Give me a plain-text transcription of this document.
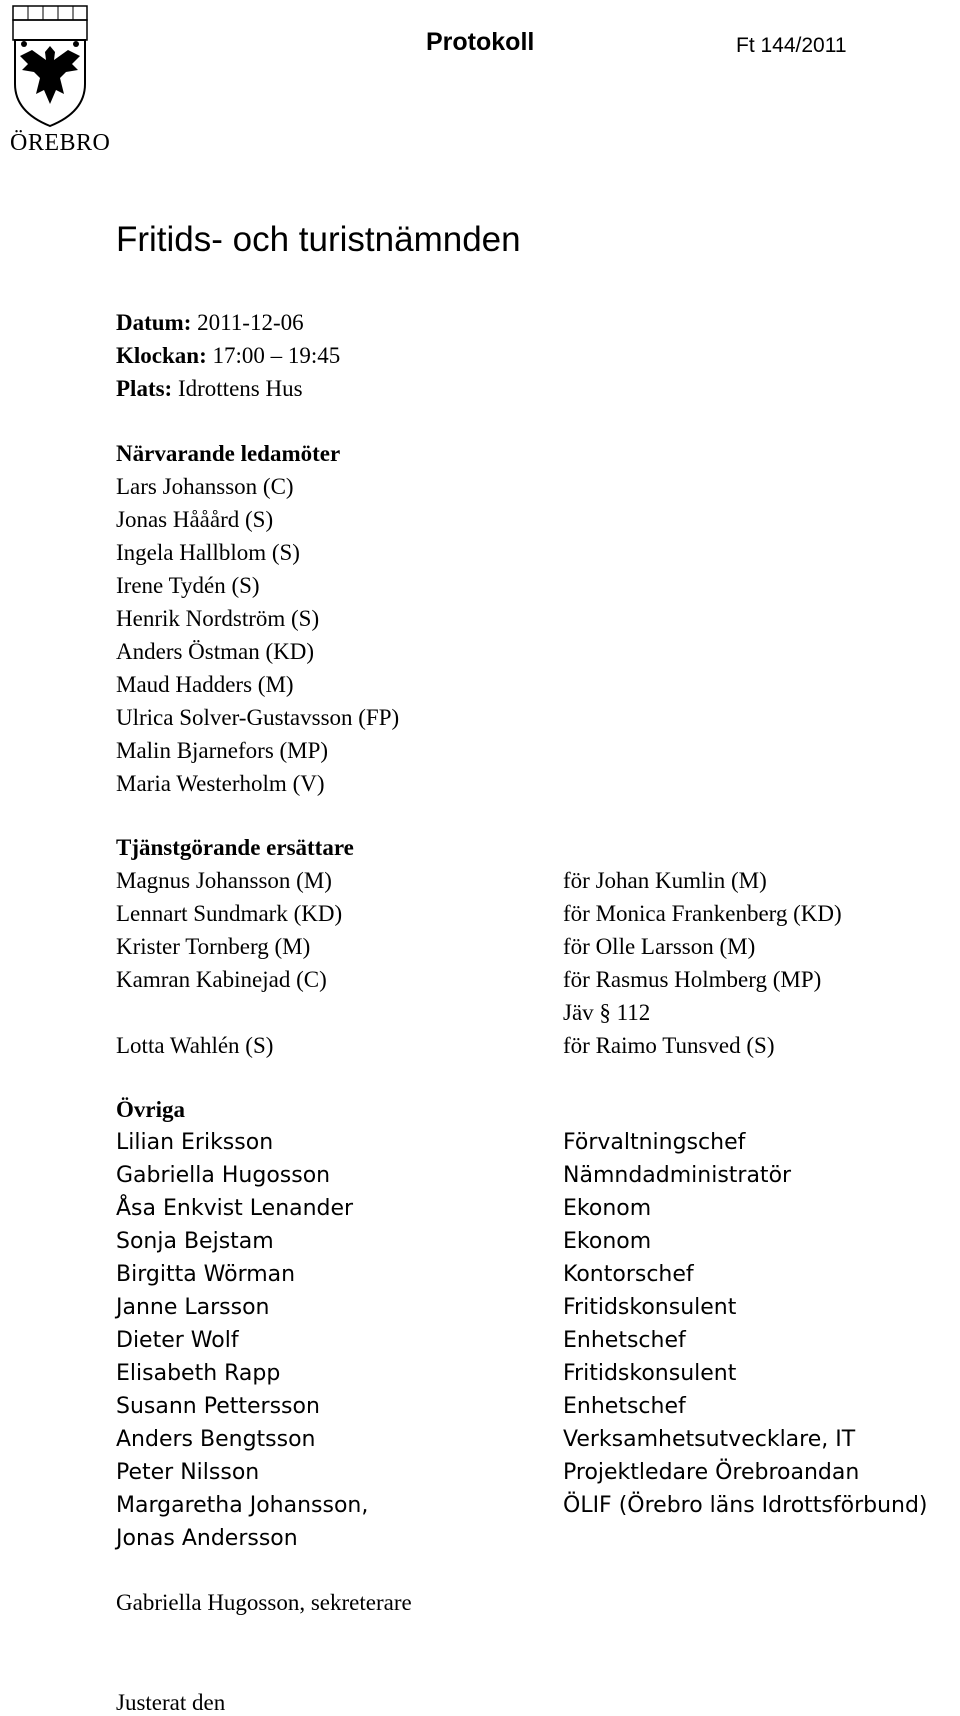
ÖREBRO
Protokoll	Ft 144/2011
Fritids- och turistnämnden
Datum: 2011-12-06
Klockan: 17:00 – 19:45
Plats: Idrottens Hus
Närvarande ledamöter
Lars Johansson (C)
Jonas Hååård (S)
Ingela Hallblom (S)
Irene Tydén (S)
Henrik Nordström (S)
Anders Östman (KD)
Maud Hadders (M)
Ulrica Solver-Gustavsson (FP)
Malin Bjarnefors (MP)
Maria Westerholm (V)
Tjänstgörande ersättare
Magnus Johansson (M)
Lennart Sundmark (KD)
Krister Tornberg (M)
Kamran Kabinejad (C)
Lotta Wahlén (S)
för Johan Kumlin (M)
för Monica Frankenberg (KD)
för Olle Larsson (M)
för Rasmus Holmberg (MP)
Jäv § 112
för Raimo Tunsved (S)
Övriga
Lilian Eriksson
Gabriella Hugosson
Åsa Enkvist Lenander
Sonja Bejstam
Birgitta Wörman
Janne Larsson
Dieter Wolf
Elisabeth Rapp
Susann Pettersson
Anders Bengtsson
Peter Nilsson
Margaretha Johansson,
Jonas Andersson
Förvaltningschef
Nämndadministratör
Ekonom
Ekonom
Kontorschef
Fritidskonsulent
Enhetschef
Fritidskonsulent
Enhetschef
Verksamhetsutvecklare, IT
Projektledare Örebroandan
ÖLIF (Örebro läns Idrottsförbund)
Gabriella Hugosson, sekreterare
Justerat den
